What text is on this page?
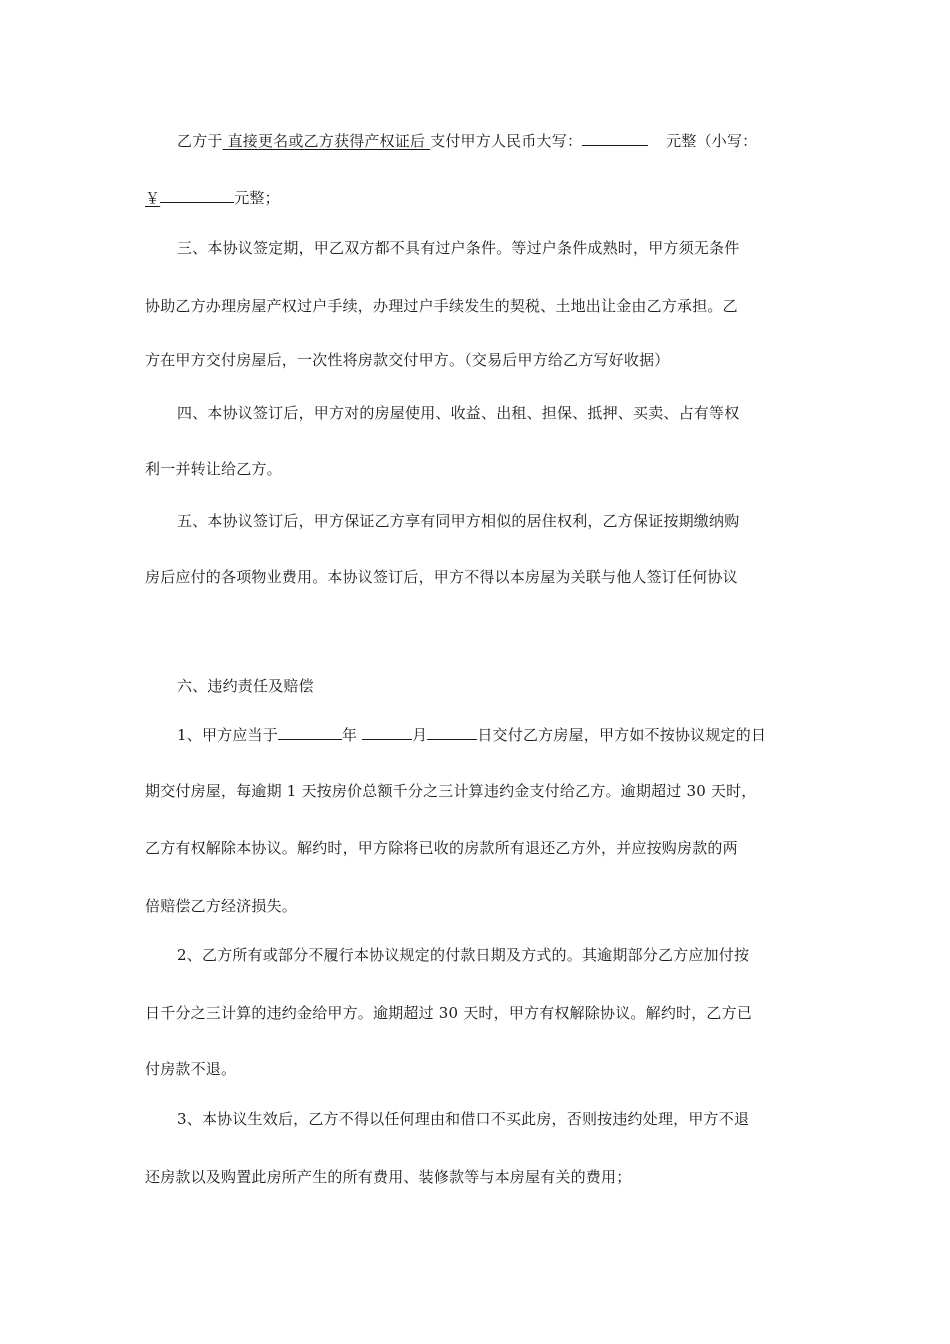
乙方于 直接更名或乙方获得产权证后 支付甲方人民币大写：	元整（小写：
￥	元整；
三、本协议签定期，甲乙双方都不具有过户条件。等过户条件成熟时，甲方须无条件
协助乙方办理房屋产权过户手续，办理过户手续发生的契税、土地出让金由乙方承担。乙
方在甲方交付房屋后，一次性将房款交付甲方。（交易后甲方给乙方写好收据）
四、本协议签订后，甲方对的房屋使用、收益、出租、担保、抵押、买卖、占有等权
利一并转让给乙方。
五、本协议签订后，甲方保证乙方享有同甲方相似的居住权利，乙方保证按期缴纳购
房后应付的各项物业费用。本协议签订后，甲方不得以本房屋为关联与他人签订任何协议
六、违约责任及赔偿
1、甲方应当于	年	月	日交付乙方房屋，甲方如不按协议规定的日
期交付房屋，每逾期 1 天按房价总额千分之三计算违约金支付给乙方。逾期超过 30 天时，
乙方有权解除本协议。解约时，甲方除将已收的房款所有退还乙方外，并应按购房款的两
倍赔偿乙方经济损失。
2、乙方所有或部分不履行本协议规定的付款日期及方式的。其逾期部分乙方应加付按
日千分之三计算的违约金给甲方。逾期超过 30 天时，甲方有权解除协议。解约时，乙方已
付房款不退。
3、本协议生效后，乙方不得以任何理由和借口不买此房，否则按违约处理，甲方不退
还房款以及购置此房所产生的所有费用、装修款等与本房屋有关的费用；
